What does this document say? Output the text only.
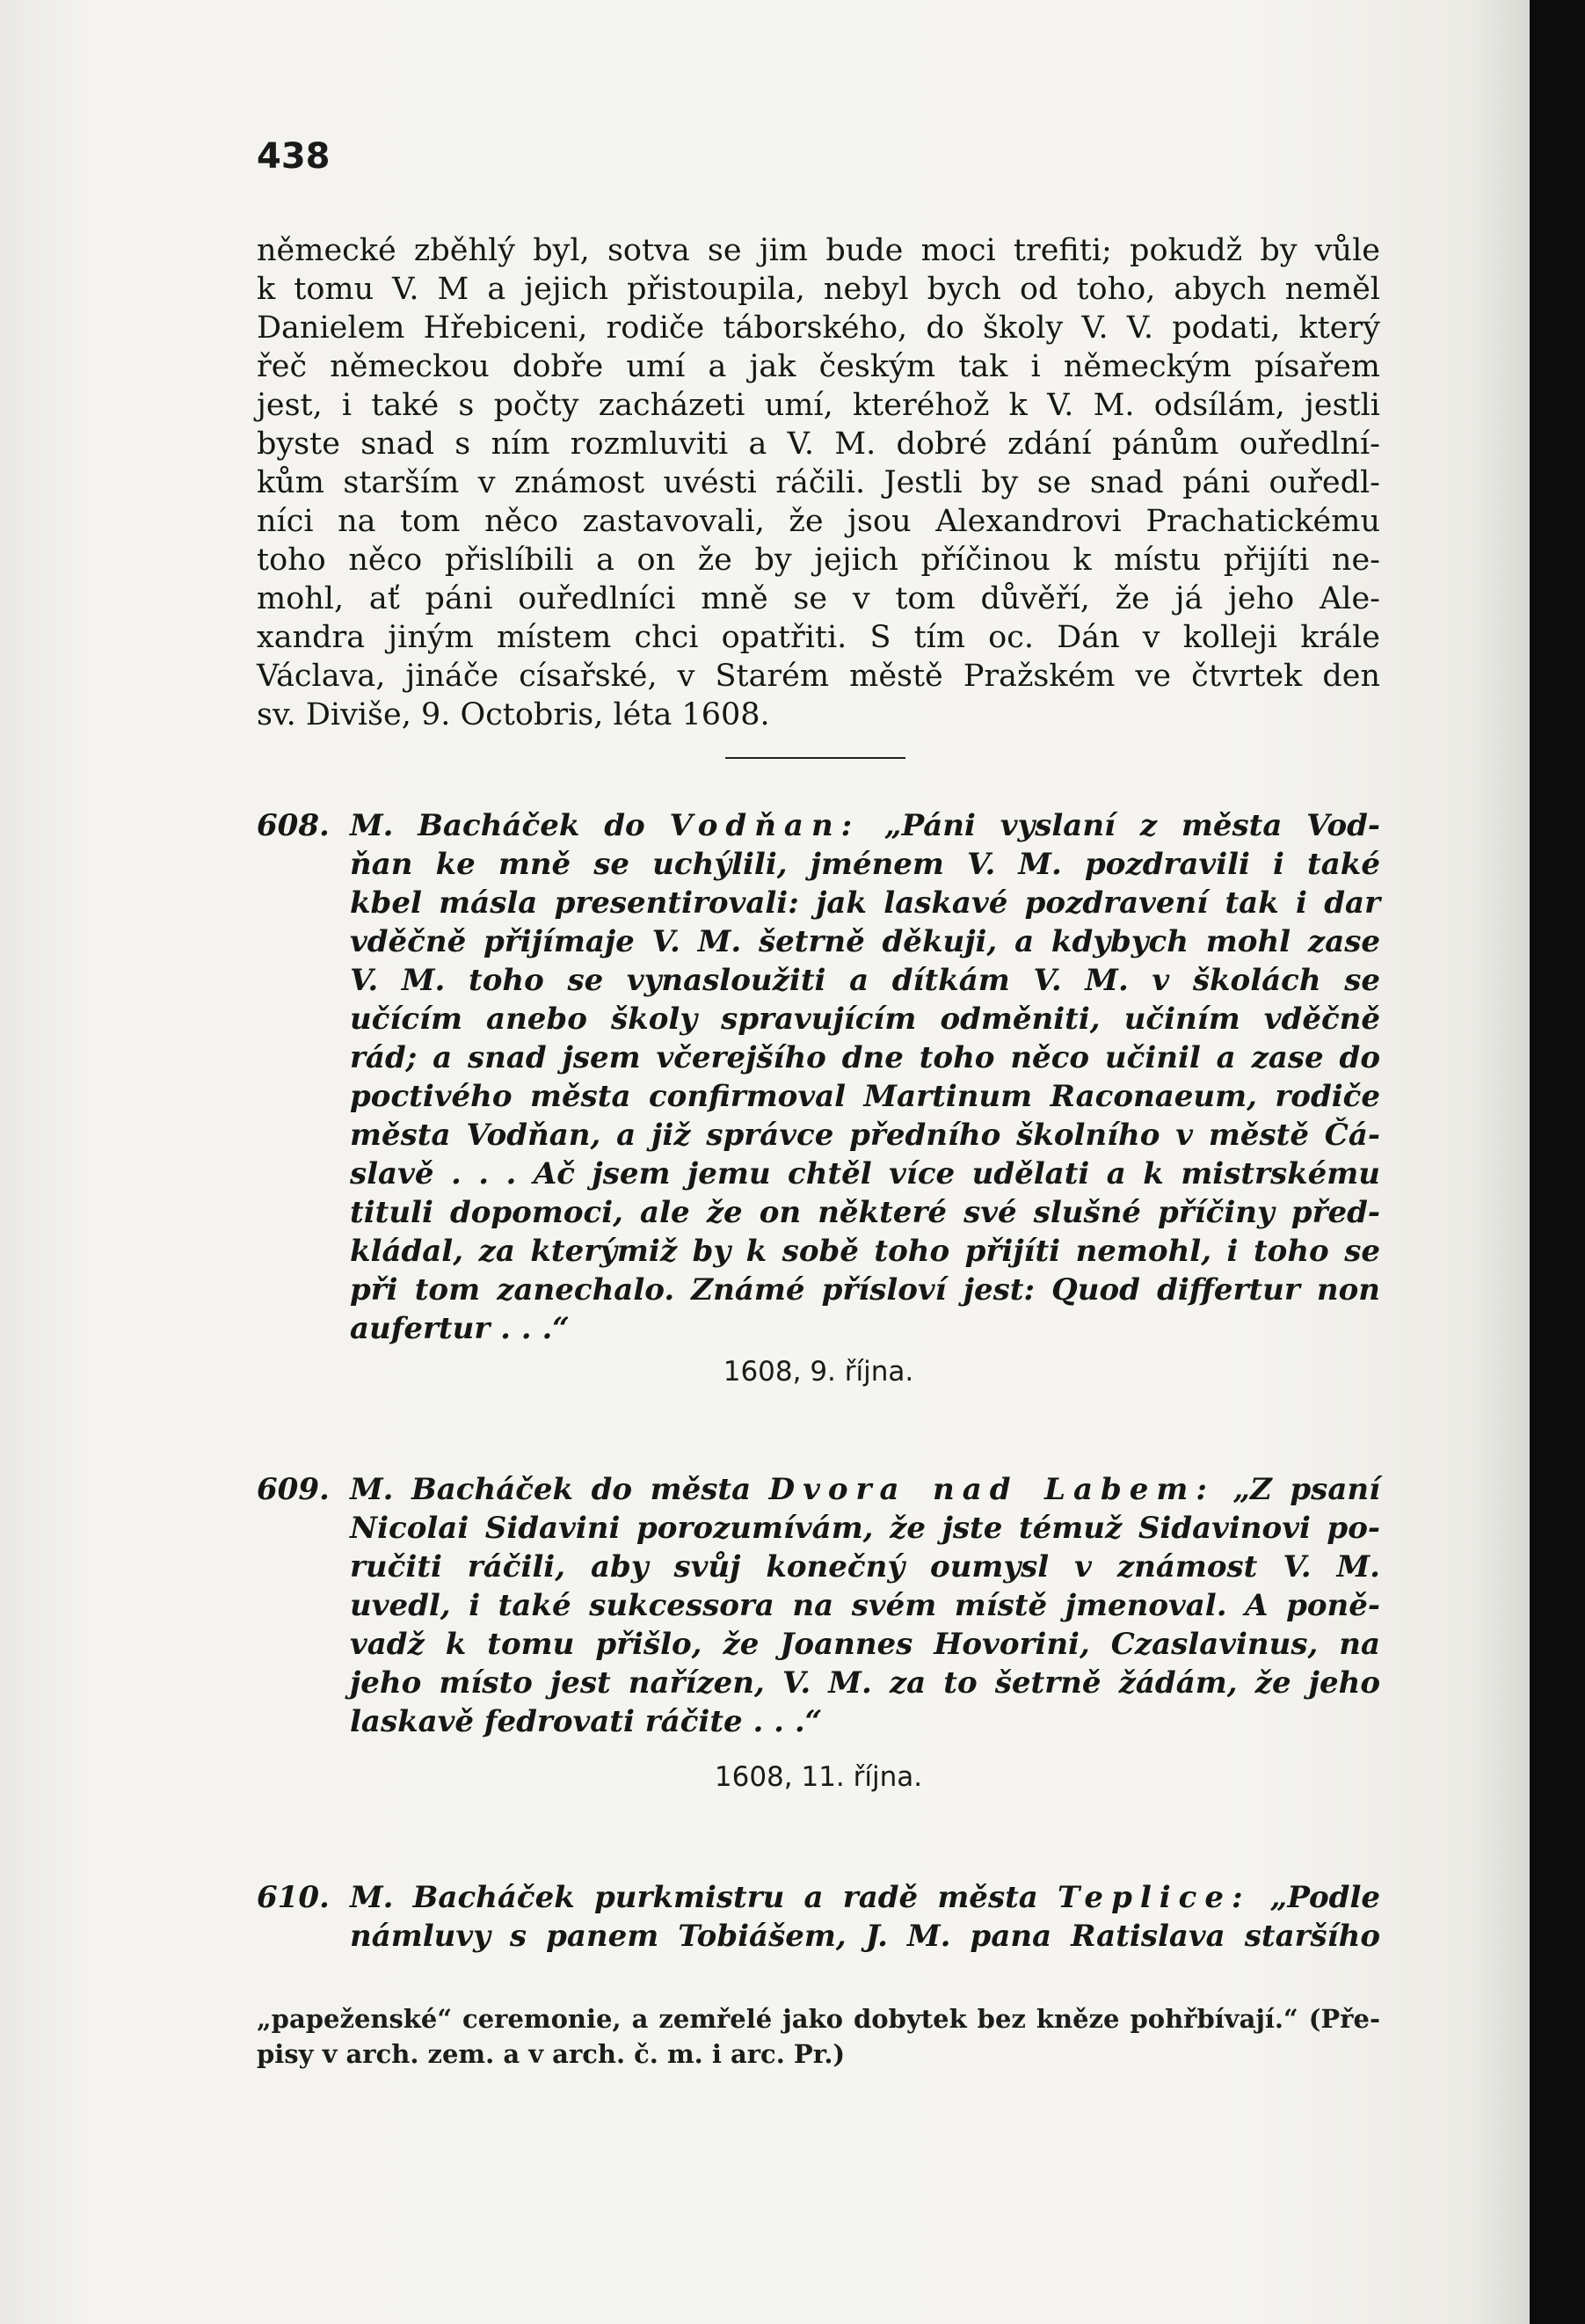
438
německé zběhlý byl, sotva se jim bude moci trefiti; pokudž by vůle
k tomu V. M a jejich přistoupila, nebyl bych od toho, abych neměl
Danielem Hřebiceni, rodiče táborského, do školy V. V. podati, který
řeč německou dobře umí a jak českým tak i německým písařem
jest, i také s počty zacházeti umí, kteréhož k V. M. odsílám, jestli
byste snad s ním rozmluviti a V. M. dobré zdání pánům ouředlní-
kům starším v známost uvésti ráčili. Jestli by se snad páni ouředl-
níci na tom něco zastavovali, že jsou Alexandrovi Prachatickému
toho něco přislíbili a on že by jejich příčinou k místu přijíti ne-
mohl, ať páni ouředlníci mně se v tom důvěří, že já jeho Ale-
xandra jiným místem chci opatřiti. S tím oc. Dán v kolleji krále
Václava, jináče císařské, v Starém městě Pražském ve čtvrtek den
sv. Diviše, 9. Octobris, léta 1608.
608. M. Bacháček do Vodňan: „Páni vyslaní z města Vod-
ňan ke mně se uchýlili, jménem V. M. pozdravili i také
kbel másla presentirovali: jak laskavé pozdravení tak i dar
vděčně přijímaje V. M. šetrně děkuji, a kdybych mohl zase
V. M. toho se vynasloužiti a dítkám V. M. v školách se
učícím anebo školy spravujícím odměniti, učiním vděčně
rád; a snad jsem včerejšího dne toho něco učinil a zase do
poctivého města confirmoval Martinum Raconaeum, rodiče
města Vodňan, a již správce předního školního v městě Čá-
slavě . . . Ač jsem jemu chtěl více udělati a k mistrskému
tituli dopomoci, ale že on některé své slušné příčiny před-
kládal, za kterýmiž by k sobě toho přijíti nemohl, i toho se
při tom zanechalo. Známé přísloví jest: Quod differtur non
aufertur . . .“
1608, 9. října.
609. M. Bacháček do města Dvora nad Labem: „Z psaní
Nicolai Sidavini porozumívám, že jste témuž Sidavinovi po-
ručiti ráčili, aby svůj konečný oumysl v známost V. M.
uvedl, i také sukcessora na svém místě jmenoval. A poně-
vadž k tomu přišlo, že Joannes Hovorini, Czaslavinus, na
jeho místo jest nařízen, V. M. za to šetrně žádám, že jeho
laskavě fedrovati ráčite . . .“
1608, 11. října.
610. M. Bacháček purkmistru a radě města Teplice: „Podle
námluvy s panem Tobiášem, J. M. pana Ratislava staršího
„papeženské“ ceremonie, a zemřelé jako dobytek bez kněze pohřbívají.“ (Pře-
pisy v arch. zem. a v arch. č. m. i arc. Pr.)
